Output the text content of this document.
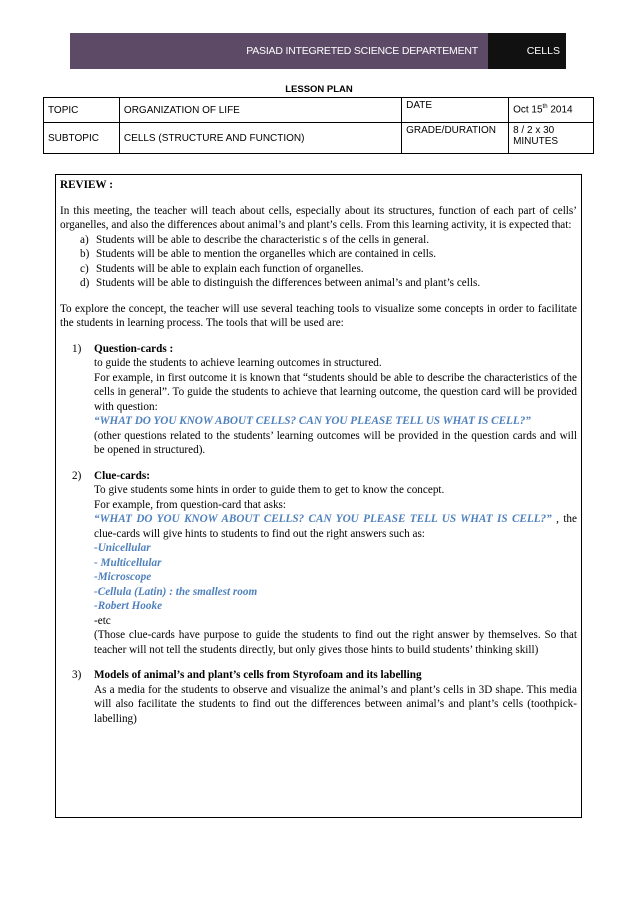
PASIAD INTEGRETED SCIENCE DEPARTEMENT	CELLS
LESSON PLAN
TOPIC	ORGANIZATION OF LIFE	DATE	Oct 15th 2014
SUBTOPIC	CELLS (STRUCTURE AND FUNCTION)	GRADE/DURATION	8 / 2 x 30
MINUTES

REVIEW :

In this meeting, the teacher will teach about cells, especially about its structures, function of each part of cells’ organelles, and also the differences about animal’s and plant’s cells. From this learning activity, it is expected that:

a) Students will be able to describe the characteristic s of the cells in general.
b) Students will be able to mention the organelles which are contained in cells.
c) Students will be able to explain each function of organelles.
d) Students will be able to distinguish the differences between animal’s and plant’s cells.

To explore the concept, the teacher will use several teaching tools to visualize some concepts in order to facilitate the students in learning process. The tools that will be used are:

1)	Question-cards :

to guide the students to achieve learning outcomes in structured.

For example, in first outcome it is known that “students should be able to describe the characteristics of the cells in general”. To guide the students to achieve that learning outcome, the question card will be provided with question:

“WHAT DO YOU KNOW ABOUT CELLS? CAN YOU PLEASE TELL US WHAT IS CELL?”

(other questions related to the students’ learning outcomes will be provided in the question cards and will be opened in structured).

2)	Clue-cards:

To give students some hints in order to guide them to get to know the concept.

For example, from question-card that asks:

“WHAT DO YOU KNOW ABOUT CELLS? CAN YOU PLEASE TELL US WHAT IS CELL?” , the clue-cards will give hints to students to find out the right answers such as:

-Unicellular

- Multicellular

-Microscope

-Cellula (Latin) : the smallest room

-Robert Hooke

-etc

(Those clue-cards have purpose to guide the students to find out the right answer by themselves. So that teacher will not tell the students directly, but only gives those hints to build students’ thinking skill)

3)	Models of animal’s and plant’s cells from Styrofoam and its labelling

As a media for the students to observe and visualize the animal’s and plant’s cells in 3D shape. This media will also facilitate the students to find out the differences between animal’s and plant’s cells (toothpick-labelling)
